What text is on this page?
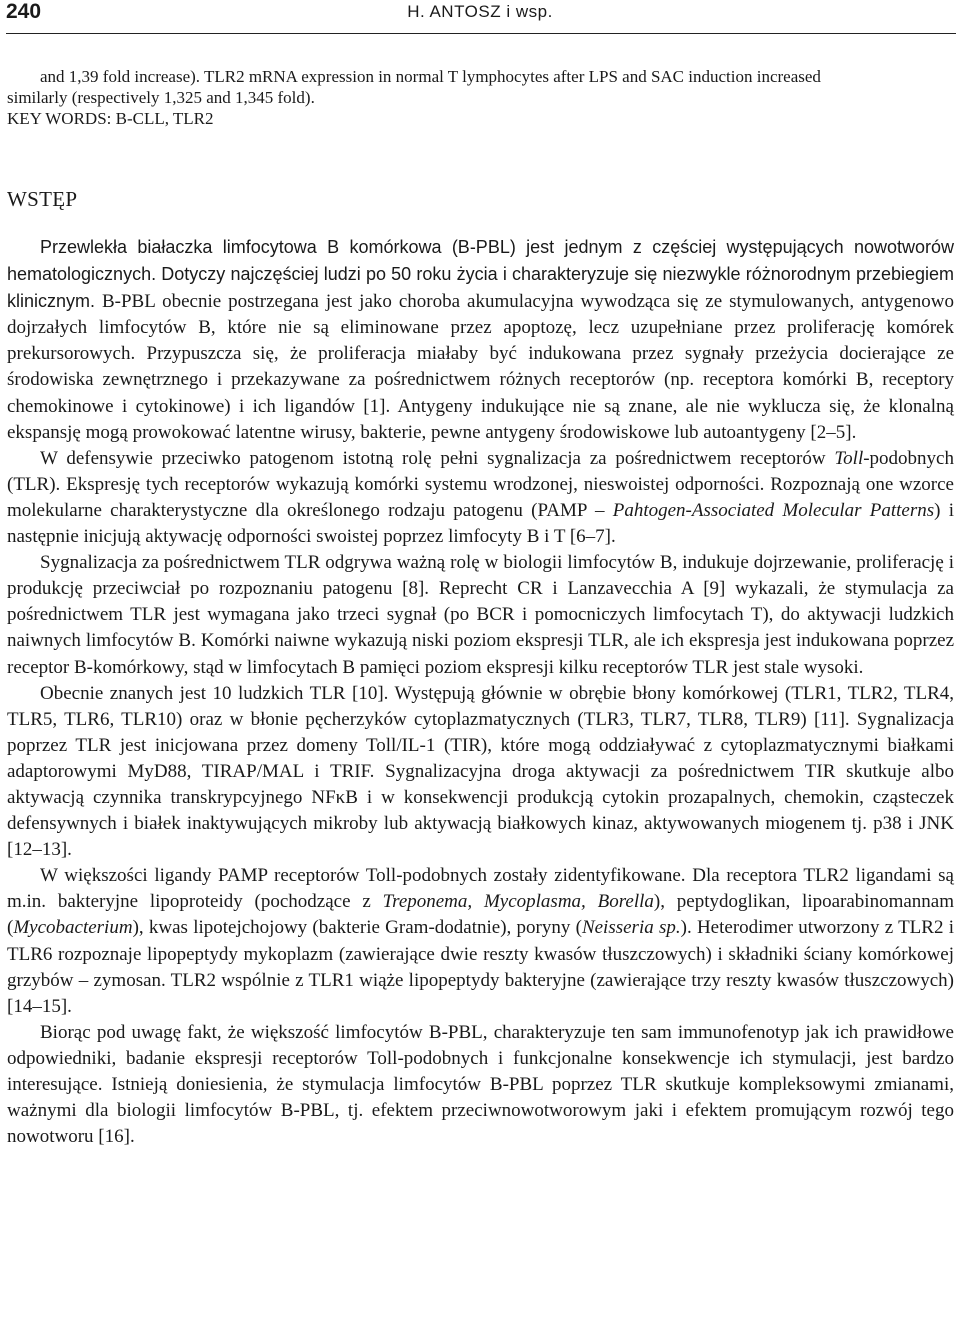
240	H. ANTOSZ i wsp.

and 1,39 fold increase). TLR2 mRNA expression in normal T lymphocytes after LPS and SAC induction increased

similarly (respectively 1,325 and 1,345 fold).

KEY WORDS: B-CLL, TLR2

WSTĘP

Przewlekła białaczka limfocytowa B komórkowa (B-PBL) jest jednym z częściej występujących nowotworów hematologicznych. Dotyczy najczęściej ludzi po 50 roku życia i charakteryzuje się niezwykle różnorodnym przebiegiem klinicznym. B-PBL obecnie postrzegana jest jako choroba akumulacyjna wywodząca się ze stymulowanych, antygenowo dojrzałych limfocytów B, które nie są eliminowane przez apoptozę, lecz uzupełniane przez proliferację komórek prekursorowych. Przypuszcza się, że proliferacja miałaby być indukowana przez sygnały przeżycia docierające ze środowiska zewnętrznego i przekazywane za pośrednictwem różnych receptorów (np. receptora komórki B, receptory chemokinowe i cytokinowe) i ich ligandów [1]. Antygeny indukujące nie są znane, ale nie wyklucza się, że klonalną ekspansję mogą prowokować latentne wirusy, bakterie, pewne antygeny środowiskowe lub autoantygeny [2–5].

W defensywie przeciwko patogenom istotną rolę pełni sygnalizacja za pośrednictwem receptorów Toll-podobnych (TLR). Ekspresję tych receptorów wykazują komórki systemu wrodzonej, nieswoistej odporności. Rozpoznają one wzorce molekularne charakterystyczne dla określonego rodzaju patogenu (PAMP – Pahtogen-Associated Molecular Patterns) i następnie inicjują aktywację odporności swoistej poprzez limfocyty B i T [6–7].

Sygnalizacja za pośrednictwem TLR odgrywa ważną rolę w biologii limfocytów B, indukuje dojrzewanie, proliferację i produkcję przeciwciał po rozpoznaniu patogenu [8]. Reprecht CR i Lanzavecchia A [9] wykazali, że stymulacja za pośrednictwem TLR jest wymagana jako trzeci sygnał (po BCR i pomocniczych limfocytach T), do aktywacji ludzkich naiwnych limfocytów B. Komórki naiwne wykazują niski poziom ekspresji TLR, ale ich ekspresja jest indukowana poprzez receptor B-komórkowy, stąd w limfocytach B pamięci poziom ekspresji kilku receptorów TLR jest stale wysoki.

Obecnie znanych jest 10 ludzkich TLR [10]. Występują głównie w obrębie błony komórkowej (TLR1, TLR2, TLR4, TLR5, TLR6, TLR10) oraz w błonie pęcherzyków cytoplazmatycznych (TLR3, TLR7, TLR8, TLR9) [11]. Sygnalizacja poprzez TLR jest inicjowana przez domeny Toll/IL-1 (TIR), które mogą oddziaływać z cytoplazmatycznymi białkami adaptorowymi MyD88, TIRAP/MAL i TRIF. Sygnalizacyjna droga aktywacji za pośrednictwem TIR skutkuje albo aktywacją czynnika transkrypcyjnego NFκB i w konsekwencji produkcją cytokin prozapalnych, chemokin, cząsteczek defensywnych i białek inaktywujących mikroby lub aktywacją białkowych kinaz, aktywowanych miogenem tj. p38 i JNK [12–13].

W większości ligandy PAMP receptorów Toll-podobnych zostały zidentyfikowane. Dla receptora TLR2 ligandami są m.in. bakteryjne lipoproteidy (pochodzące z Treponema, Mycoplasma, Borella), peptydoglikan, lipoarabinomannam (Mycobacterium), kwas lipotejchojowy (bakterie Gram-dodatnie), poryny (Neisseria sp.). Heterodimer utworzony z TLR2 i TLR6 rozpoznaje lipopeptydy mykoplazm (zawierające dwie reszty kwasów tłuszczowych) i składniki ściany komórkowej grzybów – zymosan. TLR2 wspólnie z TLR1 wiąże lipopeptydy bakteryjne (zawierające trzy reszty kwasów tłuszczowych) [14–15].

Biorąc pod uwagę fakt, że większość limfocytów B-PBL, charakteryzuje ten sam immunofenotyp jak ich prawidłowe odpowiedniki, badanie ekspresji receptorów Toll-podobnych i funkcjonalne konsekwencje ich stymulacji, jest bardzo interesujące. Istnieją doniesienia, że stymulacja limfocytów B-PBL poprzez TLR skutkuje kompleksowymi zmianami, ważnymi dla biologii limfocytów B-PBL, tj. efektem przeciwnowotworowym jaki i efektem promującym rozwój tego nowotworu [16].
